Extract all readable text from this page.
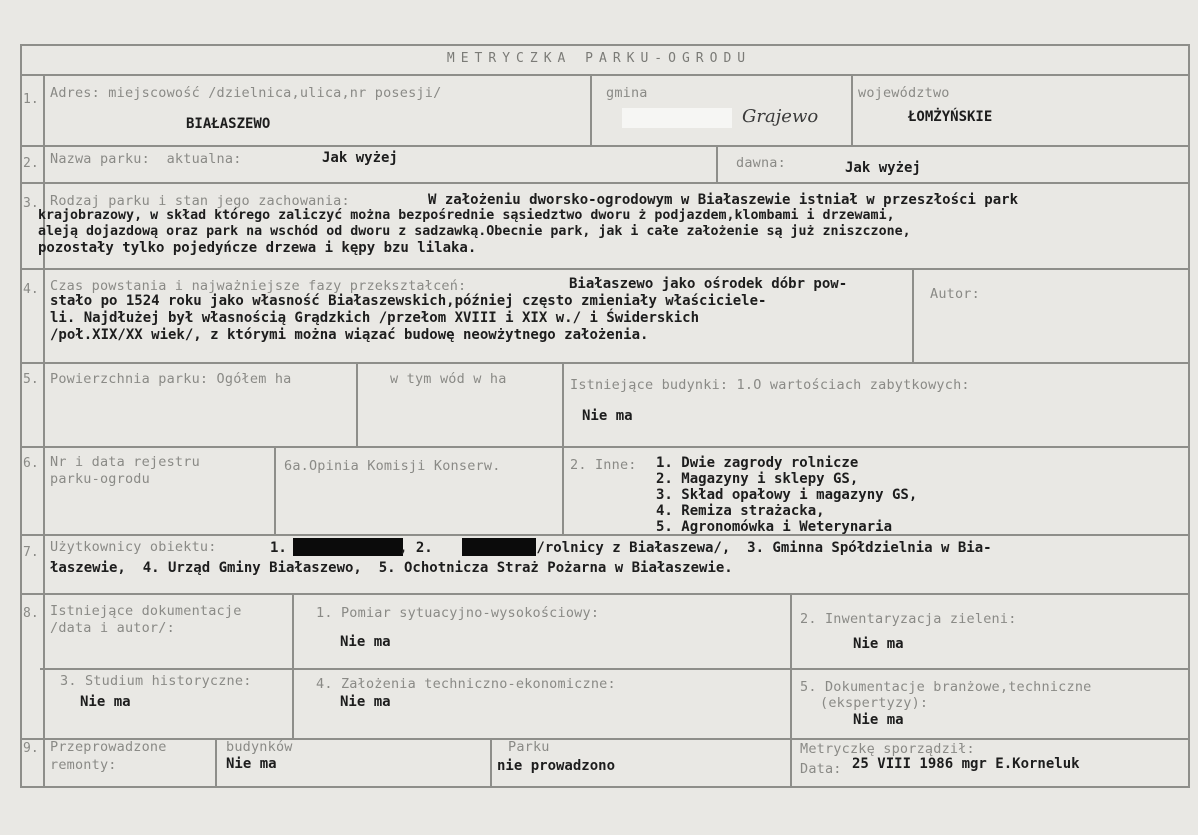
METRYCZKA PARKU-OGRODU
1. Adres: miejscowość /dzielnica,ulica,nr posesji/
BIAŁASZEWO
gmina
Grajewo
województwo
ŁOMŻYŃSKIE
2. Nazwa parku:  aktualna:	Jak wyżej	dawna:	Jak wyżej
3. Rodzaj parku i stan jego zachowania:	W założeniu dworsko-ogrodowym w Białaszewie istniał w przeszłości park
krajobrazowy, w skład którego zaliczyć można bezpośrednie sąsiedztwo dworu ż podjazdem,klombami i drzewami,
aleją dojazdową oraz park na wschód od dworu z sadzawką.Obecnie park, jak i całe założenie są już zniszczone,
pozostały tylko pojedyńcze drzewa i kępy bzu lilaka.
4. Czas powstania i najważniejsze fazy przekształceń:	Białaszewo jako ośrodek dóbr pow-
stało po 1524 roku jako własność Białaszewskich,później często zmieniały właściciele-
li. Najdłużej był własnością Grądzkich /przełom XVIII i XIX w./ i Świderskich
/poł.XIX/XX wiek/, z którymi można wiązać budowę neowżytnego założenia.
Autor:
5. Powierzchnia parku: Ogółem ha	w tym wód w ha	Istniejące budynki: 1.O wartościach zabytkowych:
Nie ma
6. Nr i data rejestru
parku-ogrodu
6a.Opinia Komisji Konserw.	2. Inne: 1. Dwie zagrody rolnicze
2. Magazyny i sklepy GS,
3. Skład opałowy i magazyny GS,
4. Remiza strażacka,
5. Agronomówka i Weterynaria
7. Użytkownicy obiektu:	1.	, 2.	/rolnicy z Białaszewa/,  3. Gminna Spółdzielnia w Bia-
łaszewie,  4. Urząd Gminy Białaszewo,  5. Ochotnicza Straż Pożarna w Białaszewie.
8. Istniejące dokumentacje
/data i autor/:
1. Pomiar sytuacyjno-wysokościowy:
Nie ma
2. Inwentaryzacja zieleni:
Nie ma
3. Studium historyczne:
Nie ma
4. Założenia techniczno-ekonomiczne:
Nie ma
5. Dokumentacje branżowe,techniczne
(ekspertyzy):
Nie ma
9. Przeprowadzone
remonty:
budynków
Nie ma
Parku
nie prowadzono
Metryczkę sporządził:
Data: 25 VIII 1986 mgr E.Korneluk
